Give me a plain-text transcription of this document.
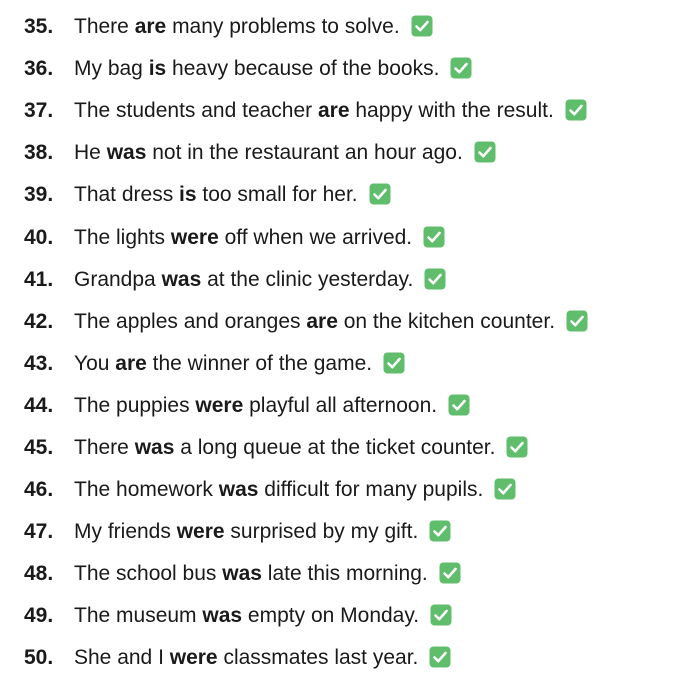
35. There are many problems to solve.
36. My bag is heavy because of the books.
37. The students and teacher are happy with the result.
38. He was not in the restaurant an hour ago.
39. That dress is too small for her.
40. The lights were off when we arrived.
41. Grandpa was at the clinic yesterday.
42. The apples and oranges are on the kitchen counter.
43. You are the winner of the game.
44. The puppies were playful all afternoon.
45. There was a long queue at the ticket counter.
46. The homework was difficult for many pupils.
47. My friends were surprised by my gift.
48. The school bus was late this morning.
49. The museum was empty on Monday.
50. She and I were classmates last year.
